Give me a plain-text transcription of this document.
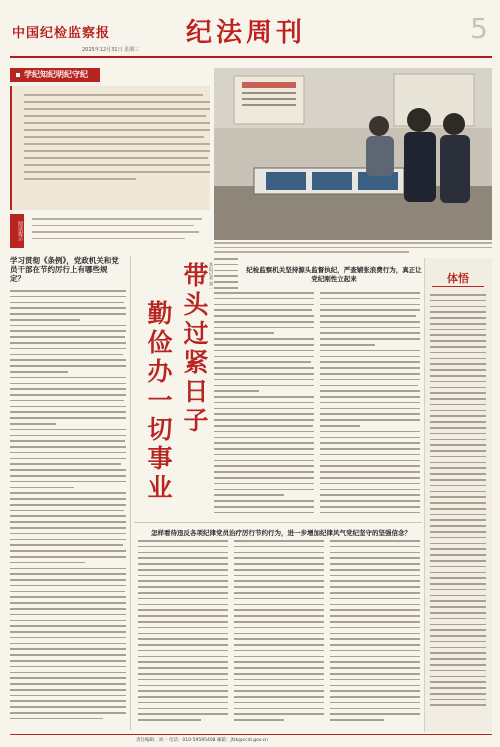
中国纪检监察报	纪法周刊	5
2025年12月31日 星期三
学纪知纪明纪守纪
阅读提示
学习贯彻《条例》，党政机关和党员干部在节约厉行上有哪些规定？	带头过紧日子
勤俭办一切事业
本报记者 刘一	纪检监察机关坚持源头监督执纪，严查铺张浪费行为，真正让党纪刚性立起来	体悟
怎样看待违反各项纪律党员治疗厉行节约行为，进一步增加纪律风气党纪坚守的坚强信念？
责任编辑：刘一 电话：010-59595408 邮箱：jfzk@ccdi.gov.cn
